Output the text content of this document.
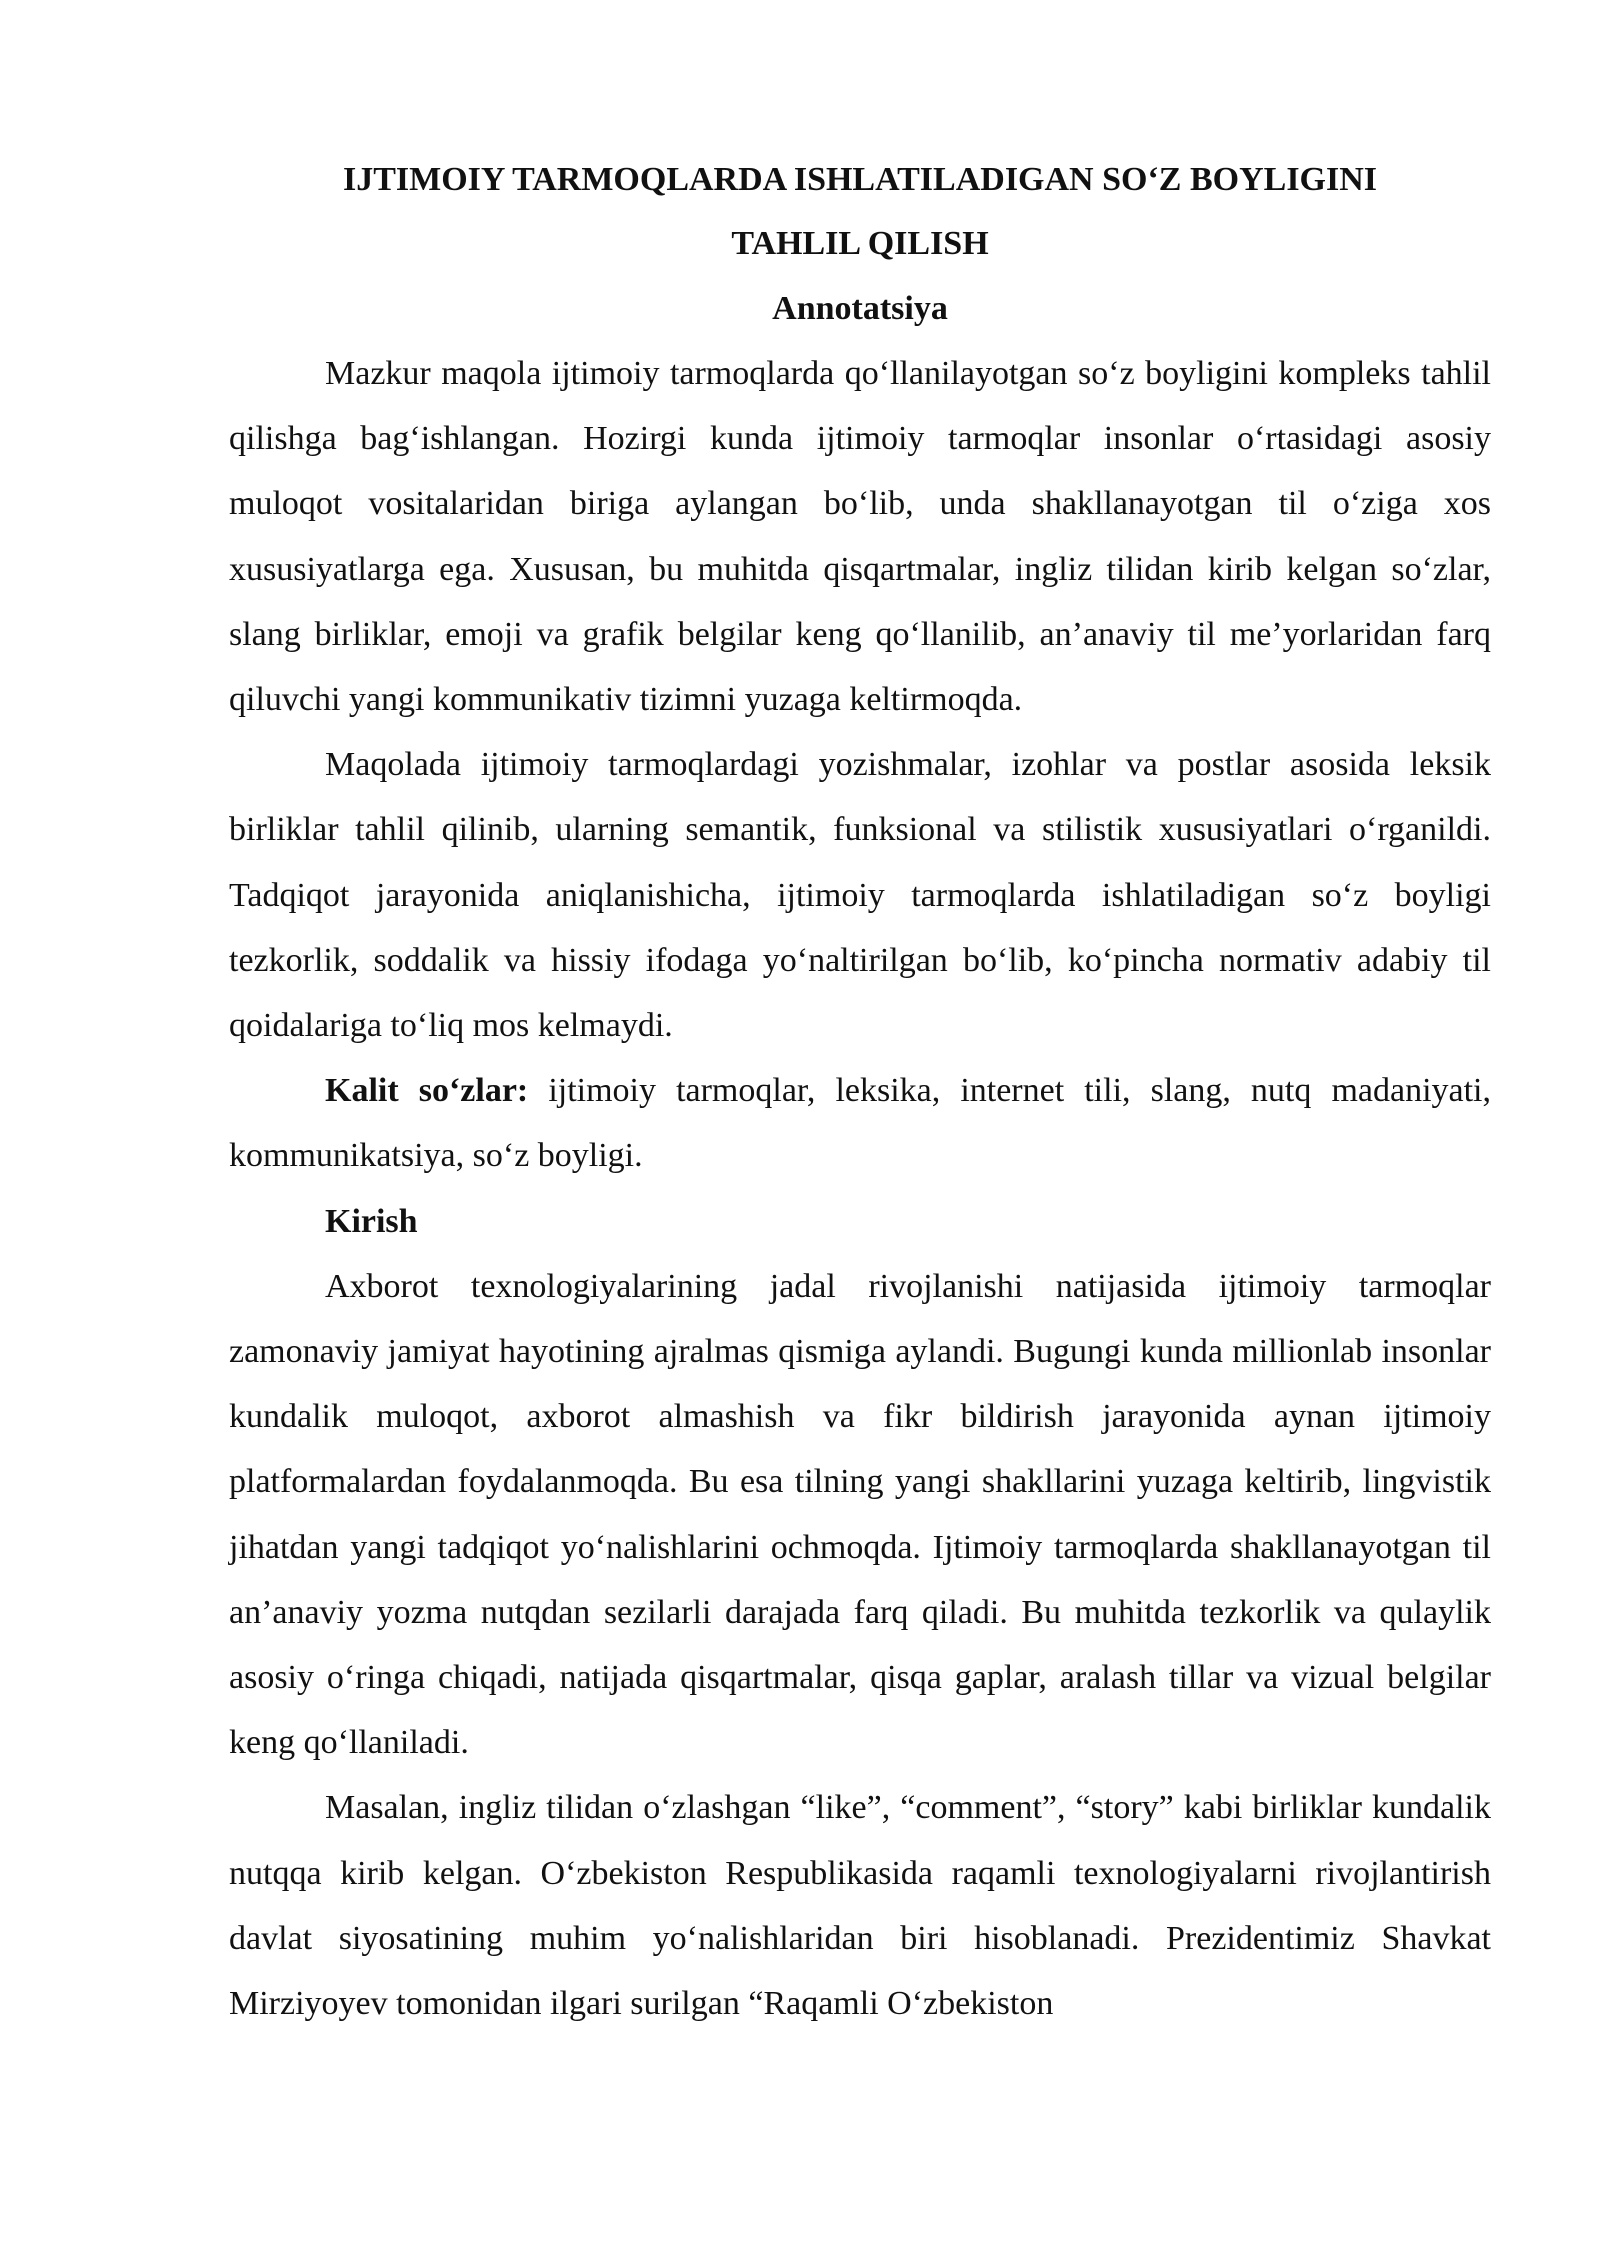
IJTIMOIY TARMOQLARDA ISHLATILADIGAN SO‘Z BOYLIGINI
TAHLIL QILISH
Annotatsiya

Mazkur maqola ijtimoiy tarmoqlarda qo‘llanilayotgan so‘z boyligini kompleks tahlil qilishga bag‘ishlangan. Hozirgi kunda ijtimoiy tarmoqlar insonlar o‘rtasidagi asosiy muloqot vositalaridan biriga aylangan bo‘lib, unda shakllanayotgan til o‘ziga xos xususiyatlarga ega. Xususan, bu muhitda qisqartmalar, ingliz tilidan kirib kelgan so‘zlar, slang birliklar, emoji va grafik belgilar keng qo‘llanilib, an’anaviy til me’yorlaridan farq qiluvchi yangi kommunikativ tizimni yuzaga keltirmoqda.

Maqolada ijtimoiy tarmoqlardagi yozishmalar, izohlar va postlar asosida leksik birliklar tahlil qilinib, ularning semantik, funksional va stilistik xususiyatlari o‘rganildi. Tadqiqot jarayonida aniqlanishicha, ijtimoiy tarmoqlarda ishlatiladigan so‘z boyligi tezkorlik, soddalik va hissiy ifodaga yo‘naltirilgan bo‘lib, ko‘pincha normativ adabiy til qoidalariga to‘liq mos kelmaydi.

Kalit so‘zlar: ijtimoiy tarmoqlar, leksika, internet tili, slang, nutq madaniyati, kommunikatsiya, so‘z boyligi.

Kirish

Axborot texnologiyalarining jadal rivojlanishi natijasida ijtimoiy tarmoqlar zamonaviy jamiyat hayotining ajralmas qismiga aylandi. Bugungi kunda millionlab insonlar kundalik muloqot, axborot almashish va fikr bildirish jarayonida aynan ijtimoiy platformalardan foydalanmoqda. Bu esa tilning yangi shakllarini yuzaga keltirib, lingvistik jihatdan yangi tadqiqot yo‘nalishlarini ochmoqda. Ijtimoiy tarmoqlarda shakllanayotgan til an’anaviy yozma nutqdan sezilarli darajada farq qiladi. Bu muhitda tezkorlik va qulaylik asosiy o‘ringa chiqadi, natijada qisqartmalar, qisqa gaplar, aralash tillar va vizual belgilar keng qo‘llaniladi.

Masalan, ingliz tilidan o‘zlashgan “like”, “comment”, “story” kabi birliklar kundalik nutqqa kirib kelgan. O‘zbekiston Respublikasida raqamli texnologiyalarni rivojlantirish davlat siyosatining muhim yo‘nalishlaridan biri hisoblanadi. Prezidentimiz Shavkat Mirziyoyev tomonidan ilgari surilgan “Raqamli O‘zbekiston
